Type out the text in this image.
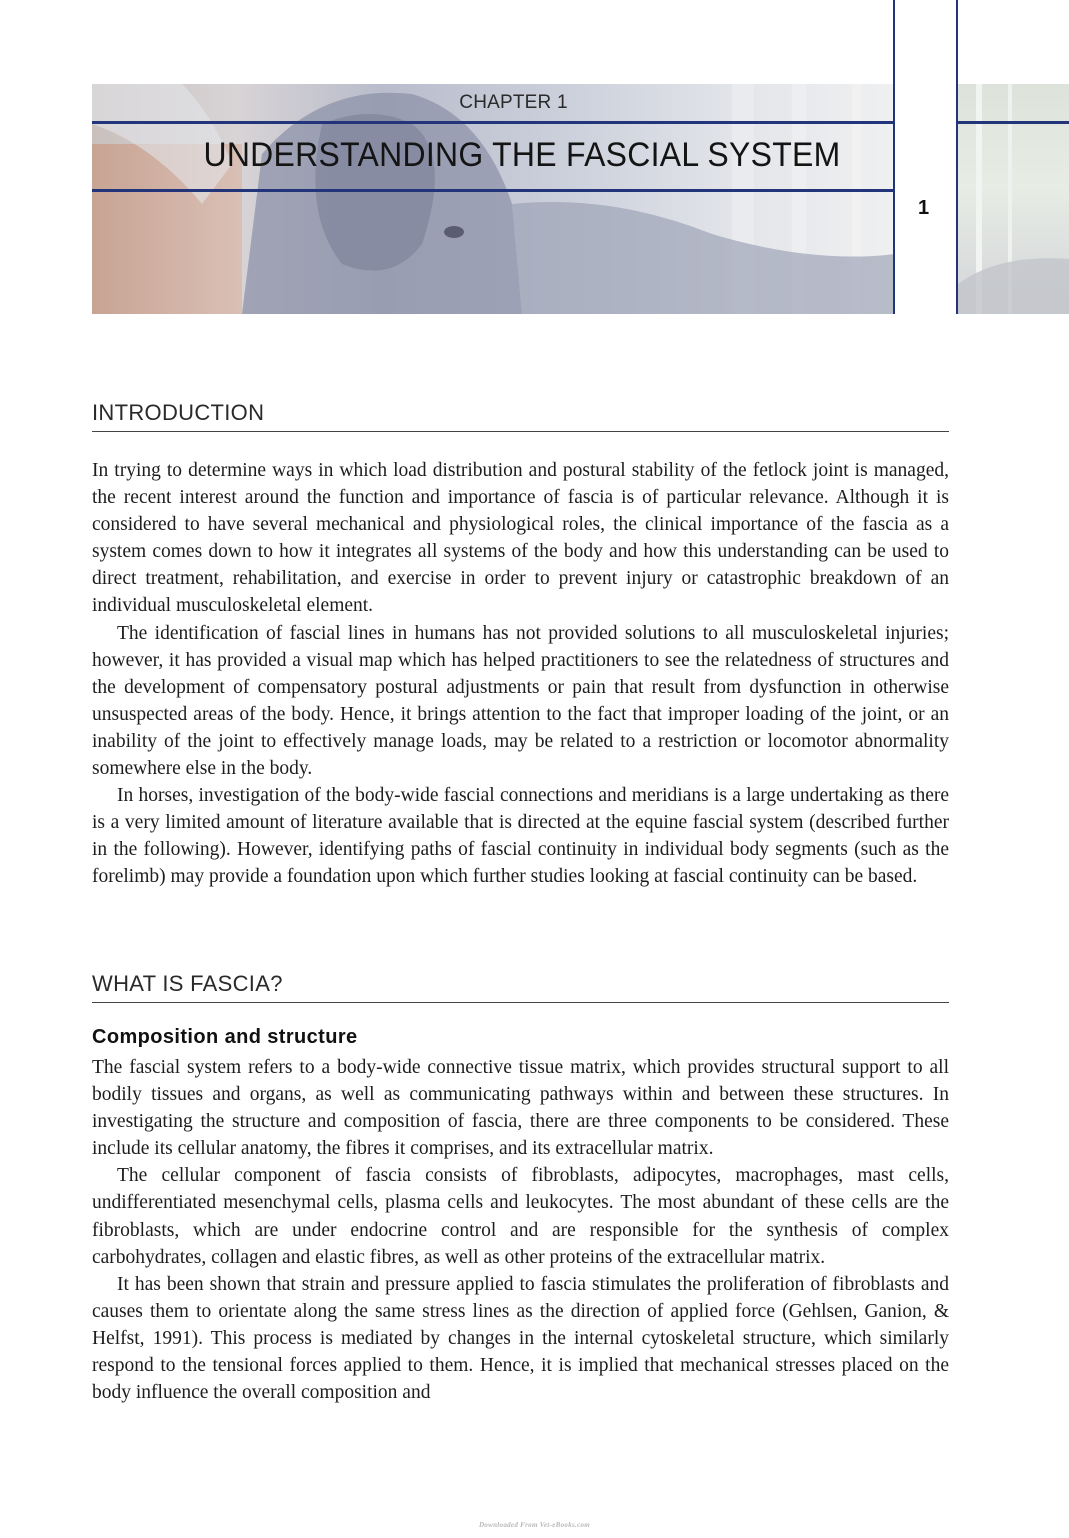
CHAPTER 1
UNDERSTANDING THE FASCIAL SYSTEM
1
INTRODUCTION

In trying to determine ways in which load distribution and postural stability of the fetlock joint is managed, the recent interest around the function and importance of fascia is of particular relevance. Although it is considered to have several mechanical and physiological roles, the clinical importance of the fascia as a system comes down to how it integrates all systems of the body and how this understanding can be used to direct treatment, rehabilitation, and exercise in order to prevent injury or catastrophic breakdown of an individual musculoskeletal element.

The identification of fascial lines in humans has not provided solutions to all musculoskeletal injuries; however, it has provided a visual map which has helped practitioners to see the relatedness of structures and the development of compensatory postural adjustments or pain that result from dysfunction in otherwise unsuspected areas of the body. Hence, it brings attention to the fact that improper loading of the joint, or an inability of the joint to effectively manage loads, may be related to a restriction or locomotor abnormality somewhere else in the body.

In horses, investigation of the body-wide fascial connections and meridians is a large undertaking as there is a very limited amount of literature available that is directed at the equine fascial system (described further in the following). However, identifying paths of fascial continuity in individual body segments (such as the forelimb) may provide a foundation upon which further studies looking at fascial continuity can be based.

WHAT IS FASCIA?
Composition and structure

The fascial system refers to a body-wide connective tissue matrix, which provides structural support to all bodily tissues and organs, as well as communicating pathways within and between these structures. In investigating the structure and composition of fascia, there are three components to be considered. These include its cellular anatomy, the fibres it comprises, and its extracellular matrix.

The cellular component of fascia consists of fibroblasts, adipocytes, macrophages, mast cells, undifferentiated mesenchymal cells, plasma cells and leukocytes. The most abundant of these cells are the fibroblasts, which are under endocrine control and are responsible for the synthesis of complex carbohydrates, collagen and elastic fibres, as well as other proteins of the extracellular matrix.

It has been shown that strain and pressure applied to fascia stimulates the proliferation of fibroblasts and causes them to orientate along the same stress lines as the direction of applied force (Gehlsen, Ganion, & Helfst, 1991). This process is mediated by changes in the internal cytoskeletal structure, which similarly respond to the tensional forces applied to them. Hence, it is implied that mechanical stresses placed on the body influence the overall composition and

Downloaded From Vet-eBooks.com
